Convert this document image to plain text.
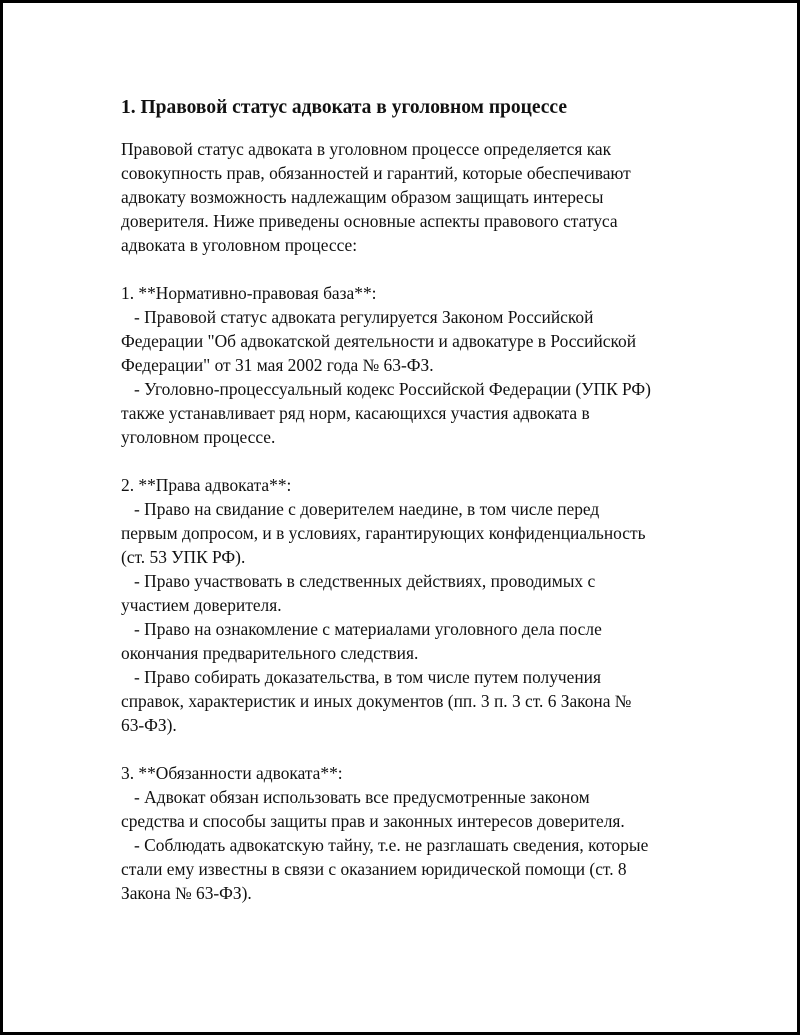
1. Правовой статус адвоката в уголовном процессе
Правовой статус адвоката в уголовном процессе определяется как
совокупность прав, обязанностей и гарантий, которые обеспечивают
адвокату возможность надлежащим образом защищать интересы
доверителя. Ниже приведены основные аспекты правового статуса
адвоката в уголовном процессе:
1. **Нормативно-правовая база**:
- Правовой статус адвоката регулируется Законом Российской
Федерации "Об адвокатской деятельности и адвокатуре в Российской
Федерации" от 31 мая 2002 года № 63-ФЗ.
- Уголовно-процессуальный кодекс Российской Федерации (УПК РФ)
также устанавливает ряд норм, касающихся участия адвоката в
уголовном процессе.
2. **Права адвоката**:
- Право на свидание с доверителем наедине, в том числе перед
первым допросом, и в условиях, гарантирующих конфиденциальность
(ст. 53 УПК РФ).
- Право участвовать в следственных действиях, проводимых с
участием доверителя.
- Право на ознакомление с материалами уголовного дела после
окончания предварительного следствия.
- Право собирать доказательства, в том числе путем получения
справок, характеристик и иных документов (пп. 3 п. 3 ст. 6 Закона №
63-ФЗ).
3. **Обязанности адвоката**:
- Адвокат обязан использовать все предусмотренные законом
средства и способы защиты прав и законных интересов доверителя.
- Соблюдать адвокатскую тайну, т.е. не разглашать сведения, которые
стали ему известны в связи с оказанием юридической помощи (ст. 8
Закона № 63-ФЗ).
